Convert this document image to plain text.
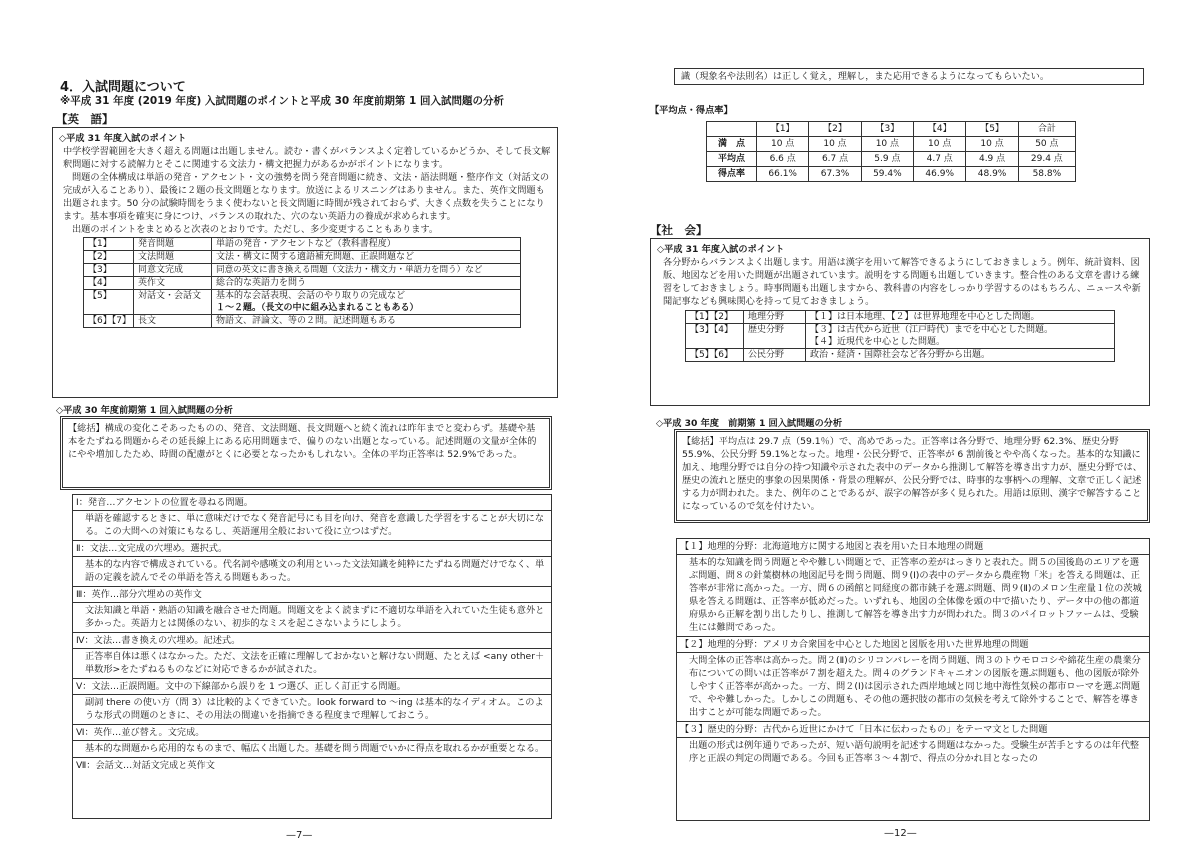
4．入試問題について
※平成 31 年度 (2019 年度) 入試問題のポイントと平成 30 年度前期第 1 回入試問題の分析
【英　語】
◇平成 31 年度入試のポイント
中学校学習範囲を大きく超える問題は出題しません。読む・書くがバランスよく定着しているかどうか、そして長文解釈問題に対する読解力とそこに関連する文法力・構文把握力があるかがポイントになります。
問題の全体構成は単語の発音・アクセント・文の強勢を問う発音問題に続き、文法・語法問題・整序作文（対話文の完成が入ることあり）、最後に２題の長文問題となります。放送によるリスニングはありません。また、英作文問題も出題されます。50 分の試験時間をうまく使わないと長文問題に時間が残されておらず、大きく点数を失うことになります。基本事項を確実に身につけ、バランスの取れた、穴のない英語力の養成が求められます。
出題のポイントをまとめると次表のとおりです。ただし、多少変更することもあります。
【1】	発音問題	単語の発音・アクセントなど（教科書程度）
【2】	文法問題	文法・構文に関する適語補充問題、正誤問題など
【3】	同意文完成	同意の英文に書き換える問題（文法力・構文力・単語力を問う）など
【4】	英作文	総合的な英語力を問う
【5】	対話文・会話文	基本的な会話表現、会話のやり取りの完成など
１～２題。（長文の中に組み込まれることもある）

【6】【7】	長文	物語文、評論文、等の２問。記述問題もある
◇平成 30 年度前期第 1 回入試問題の分析
【総括】構成の変化こそあったものの、発音、文法問題、長文問題へと続く流れは昨年までと変わらず。基礎や基本をたずねる問題からその延長線上にある応用問題まで、偏りのない出題となっている。記述問題の文量が全体的にやや増加したため、時間の配慮がとくに必要となったかもしれない。全体の平均正答率は 52.9%であった。
Ⅰ：発音…アクセントの位置を尋ねる問題。
単語を確認するときに、単に意味だけでなく発音記号にも目を向け、発音を意識した学習をすることが大切になる。この大問への対策にもなるし、英語運用全般において役に立つはずだ。
Ⅱ：文法…文完成の穴埋め。選択式。
基本的な内容で構成されている。代名詞や感嘆文の利用といった文法知識を純粋にたずねる問題だけでなく、単語の定義を読んでその単語を答える問題もあった。
Ⅲ：英作…部分穴埋めの英作文
文法知識と単語・熟語の知識を融合させた問題。問題文をよく読まずに不適切な単語を入れていた生徒も意外と多かった。英語力とは関係のない、初歩的なミスを起こさないようにしよう。
Ⅳ：文法…書き換えの穴埋め。記述式。
正答率自体は悪くはなかった。ただ、文法を正確に理解しておかないと解けない問題、たとえば <any other＋単数形>をたずねるものなどに対応できるかが試された。
Ⅴ：文法…正誤問題。文中の下線部から誤りを 1 つ選び、正しく訂正する問題。
副詞 there の使い方（問 3）は比較的よくできていた。look forward to ～ing は基本的なイディオム。このような形式の問題のときに、その用法の間違いを指摘できる程度まで理解しておこう。
Ⅵ：英作…並び替え。文完成。
基本的な問題から応用的なものまで、幅広く出題した。基礎を問う問題でいかに得点を取れるかが重要となる。
Ⅶ：会話文…対話文完成と英作文
—7—
識（現象名や法則名）は正しく覚え，理解し，また応用できるようになってもらいたい。
【平均点・得点率】
	【1】	【2】	【3】	【4】	【5】	合計
満　点	10 点	10 点	10 点	10 点	10 点	50 点
平均点	6.6 点	6.7 点	5.9 点	4.7 点	4.9 点	29.4 点
得点率	66.1%	67.3%	59.4%	46.9%	48.9%	58.8%
【社　会】
◇平成 31 年度入試のポイント
各分野からバランスよく出題します。用語は漢字を用いて解答できるようにしておきましょう。例年、統計資料、図版、地図などを用いた問題が出題されています。説明をする問題も出題していきます。整合性のある文章を書ける練習をしておきましょう。時事問題も出題しますから、教科書の内容をしっかり学習するのはもちろん、ニュースや新聞記事なども興味関心を持って見ておきましょう。
【1】【2】	地理分野	【１】は日本地理、【２】は世界地理を中心とした問題。
【3】【4】	歴史分野	【３】は古代から近世（江戸時代）までを中心とした問題。
【４】近現代を中心とした問題。

【5】【6】	公民分野	政治・経済・国際社会など各分野から出題。
◇平成 30 年度　前期第 1 回入試問題の分析
【総括】平均点は 29.7 点（59.1％）で、高めであった。正答率は各分野で、地理分野 62.3%、歴史分野 55.9%、公民分野 59.1%となった。地理・公民分野で、正答率が 6 割前後とやや高くなった。基本的な知識に加え、地理分野では自分の持つ知識や示された表中のデータから推測して解答を導き出す力が、歴史分野では、歴史の流れと歴史的事象の因果関係・背景の理解が、公民分野では、時事的な事柄への理解、文章で正しく記述する力が問われた。また、例年のことであるが、誤字の解答が多く見られた。用語は原則、漢字で解答することになっているので気を付けたい。
【１】地理的分野：北海道地方に関する地図と表を用いた日本地理の問題
基本的な知識を問う問題とやや難しい問題とで、正答率の差がはっきりと表れた。問５の国後島のエリアを選ぶ問題、問８の針葉樹林の地図記号を問う問題、問９(Ⅰ)の表中のデータから農産物「米」を答える問題は、正答率が非常に高かった。一方、問６の函館と同経度の都市銚子を選ぶ問題、問９(Ⅱ)のメロン生産量１位の茨城県を答える問題は、正答率が低めだった。いずれも、地図の全体像を頭の中で描いたり、データ中の他の都道府県から正解を割り出したりし、推測して解答を導き出す力が問われた。問３のパイロットファームは、受験生には難問であった。
【２】地理的分野：アメリカ合衆国を中心とした地図と図版を用いた世界地理の問題
大問全体の正答率は高かった。問２(Ⅱ)のシリコンバレーを問う問題、問３のトウモロコシや綿花生産の農業分布についての問いは正答率が７割を超えた。問４のグランドキャニオンの図版を選ぶ問題も、他の図版が除外しやすく正答率が高かった。一方、問２(Ⅰ)は図示された西岸地域と同じ地中海性気候の都市ローマを選ぶ問題で、やや難しかった。しかしこの問題も、その他の選択肢の都市の気候を考えて除外することで、解答を導き出すことが可能な問題であった。
【３】歴史的分野：古代から近世にかけて「日本に伝わったもの」をテーマ文とした問題
出題の形式は例年通りであったが、短い語句説明を記述する問題はなかった。受験生が苦手とするのは年代整序と正誤の判定の問題である。今回も正答率３～４割で、得点の分かれ目となったの
—12—
